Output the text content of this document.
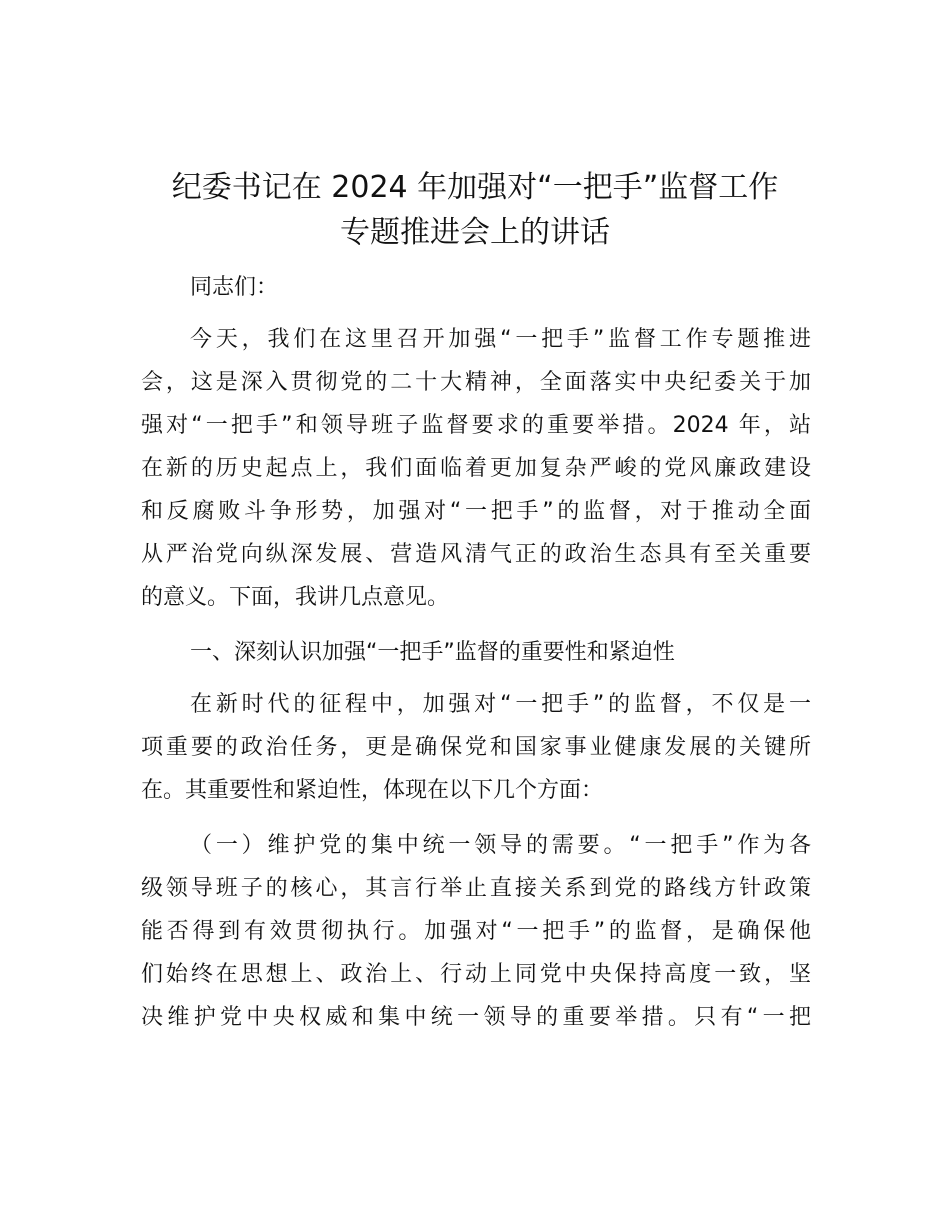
纪委书记在 2024 年加强对“一把手”监督工作
专题推进会上的讲话
同志们：
今天，我们在这里召开加强“一把手”监督工作专题推进
会，这是深入贯彻党的二十大精神，全面落实中央纪委关于加
强对“一把手”和领导班子监督要求的重要举措。2024 年，站
在新的历史起点上，我们面临着更加复杂严峻的党风廉政建设
和反腐败斗争形势，加强对“一把手”的监督，对于推动全面
从严治党向纵深发展、营造风清气正的政治生态具有至关重要
的意义。下面，我讲几点意见。
一、深刻认识加强“一把手”监督的重要性和紧迫性
在新时代的征程中，加强对“一把手”的监督，不仅是一
项重要的政治任务，更是确保党和国家事业健康发展的关键所
在。其重要性和紧迫性，体现在以下几个方面：
（一）维护党的集中统一领导的需要。“一把手”作为各
级领导班子的核心，其言行举止直接关系到党的路线方针政策
能否得到有效贯彻执行。加强对“一把手”的监督，是确保他
们始终在思想上、政治上、行动上同党中央保持高度一致，坚
决维护党中央权威和集中统一领导的重要举措。只有“一把
